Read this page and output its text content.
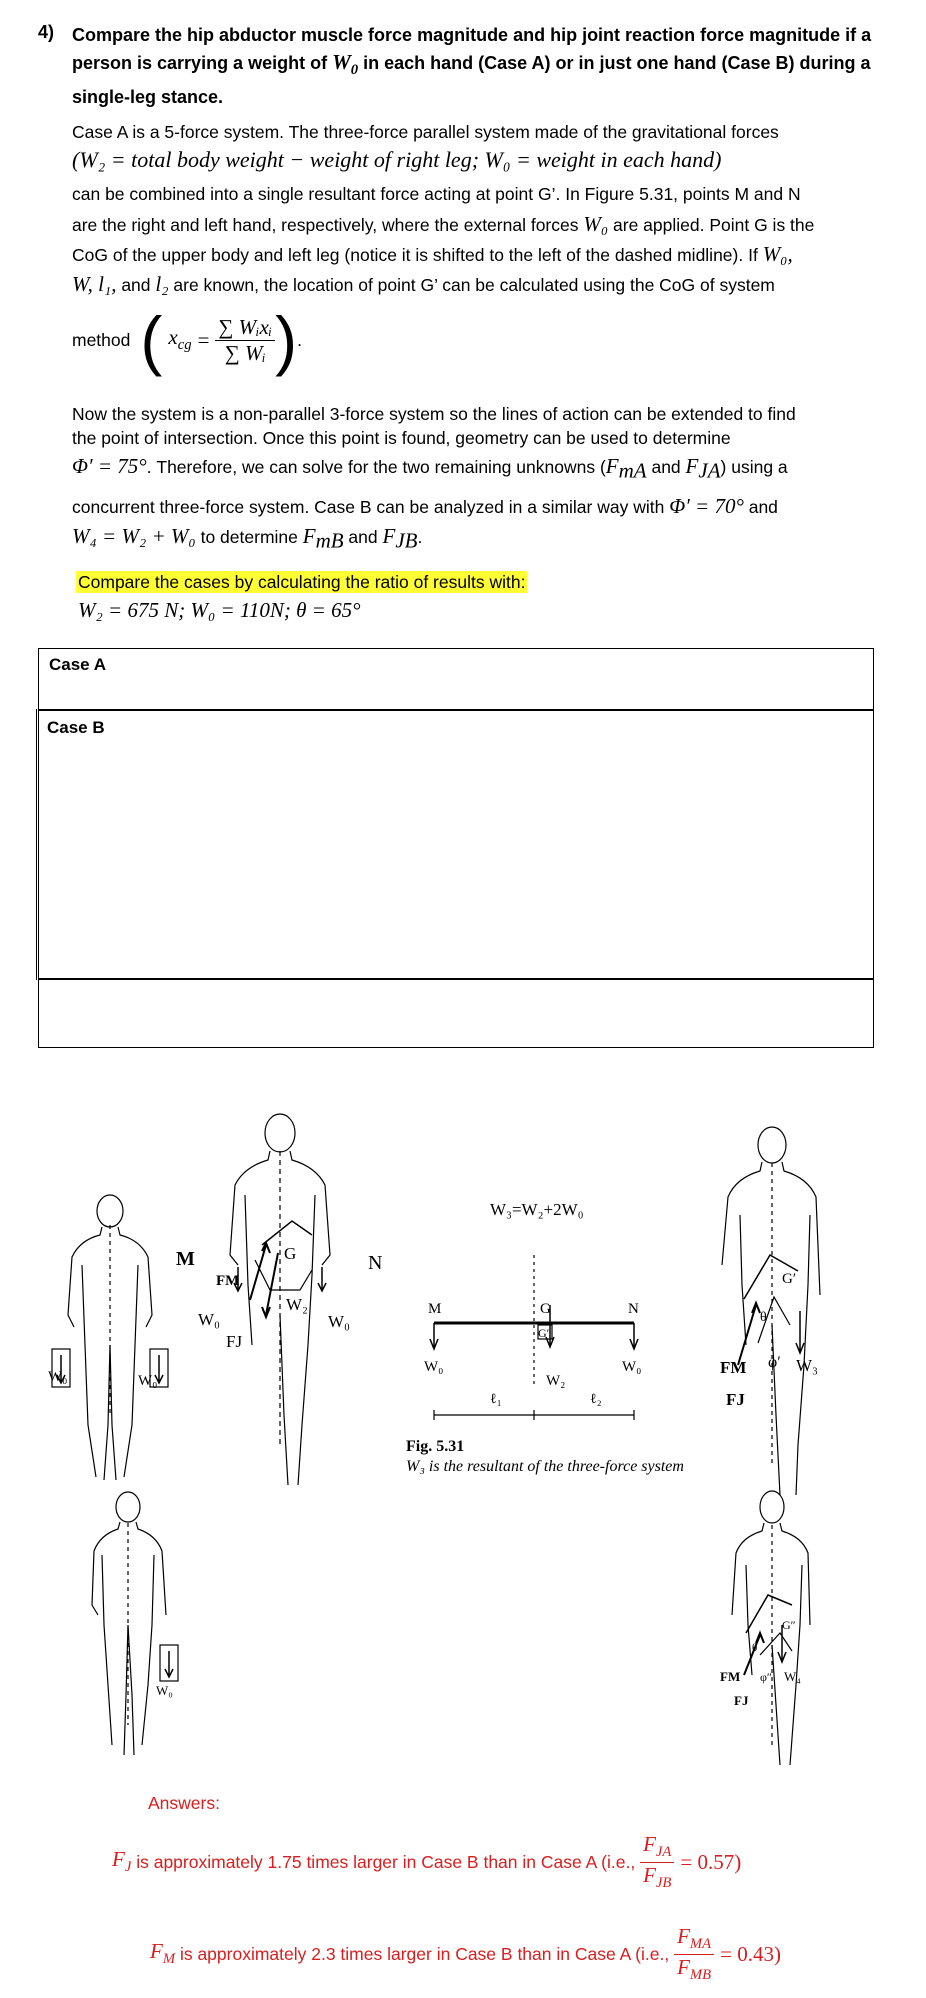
4) Compare the hip abductor muscle force magnitude and hip joint reaction force magnitude if a person is carrying a weight of $W_0$ in each hand (Case A) or in just one hand (Case B) during a single-leg stance.
Case A is a 5-force system. The three-force parallel system made of the gravitational forces
(W₂ = total body weight − weight of right leg; W₀ = weight in each hand)
can be combined into a single resultant force acting at point G’. In Figure 5.31, points M and N
are the right and left hand, respectively, where the external forces W₀ are applied. Point G is the
CoG of the upper body and left leg (notice it is shifted to the left of the dashed midline). If W₀,
W, l₁, and l₂ are known, the location of point G’ can be calculated using the CoG of system
method ( $x_{cg} = \frac{\text{∑ Wᵢxᵢ}}{\text{∑ Wᵢ}}$ ) .
Now the system is a non-parallel 3-force system so the lines of action can be extended to find
the point of intersection. Once this point is found, geometry can be used to determine
Φ′ = 75°. Therefore, we can solve for the two remaining unknowns ($F_{mA}$ and $F_{JA}$) using a
concurrent three-force system. Case B can be analyzed in a similar way with Φ′ = 70° and
W₄ = W₂ + W₀ to determine $F_{mB}$ and $F_{JB}$.
Compare the cases by calculating the ratio of results with:
W₂ = 675 N; W₀ = 110N; θ = 65°
Case A
Case B
W₀	W₀
M	N
FM
G
W₂
W₀	W₀
FJ
W₃=W₂+2W₀
M	N
G
G′
W₀	W₀
W₂
ℓ₁	ℓ₂
Fig. 5.31
W₃ is the resultant of the three-force system
FM
FJ
φ′ W₃
θ
G′
FM
FJ
φ″ W₄
G″
θ
W₀
Answers:
$F_J$ is approximately 1.75 times larger in Case B than in Case A (i.e., $\frac{F_{JA}}{F_{JB}} = 0.57$)
$F_M$ is approximately 2.3 times larger in Case B than in Case A (i.e., $\frac{F_{MA}}{F_{MB}} = 0.43$)
